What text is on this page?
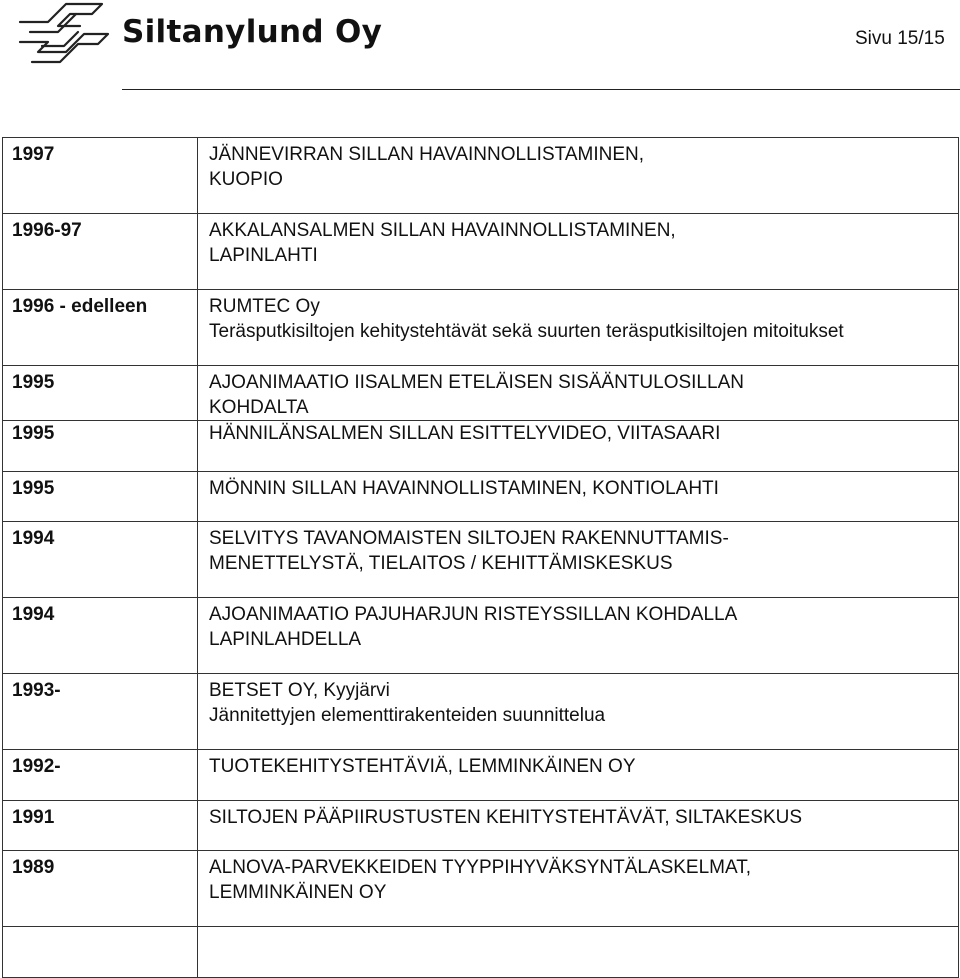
Siltanylund Oy	Sivu 15/15
1997	JÄNNEVIRRAN SILLAN HAVAINNOLLISTAMINEN,
KUOPIO

1996-97	AKKALANSALMEN SILLAN HAVAINNOLLISTAMINEN,
LAPINLAHTI

1996 - edelleen	RUMTEC Oy
Teräsputkisiltojen kehitystehtävät sekä suurten teräsputkisiltojen mitoitukset

1995	AJOANIMAATIO IISALMEN ETELÄISEN SISÄÄNTULOSILLAN
KOHDALTA

1995	HÄNNILÄNSALMEN SILLAN ESITTELYVIDEO, VIITASAARI

1995	MÖNNIN SILLAN HAVAINNOLLISTAMINEN, KONTIOLAHTI

1994	SELVITYS TAVANOMAISTEN SILTOJEN RAKENNUTTAMIS-
MENETTELYSTÄ, TIELAITOS / KEHITTÄMISKESKUS

1994	AJOANIMAATIO PAJUHARJUN RISTEYSSILLAN KOHDALLA
LAPINLAHDELLA

1993-	BETSET OY, Kyyjärvi
Jännitettyjen elementtirakenteiden suunnittelua

1992-	TUOTEKEHITYSTEHTÄVIÄ, LEMMINKÄINEN OY

1991	SILTOJEN PÄÄPIIRUSTUSTEN KEHITYSTEHTÄVÄT, SILTAKESKUS

1989	ALNOVA-PARVEKKEIDEN TYYPPIHYVÄKSYNTÄLASKELMAT,
LEMMINKÄINEN OY
